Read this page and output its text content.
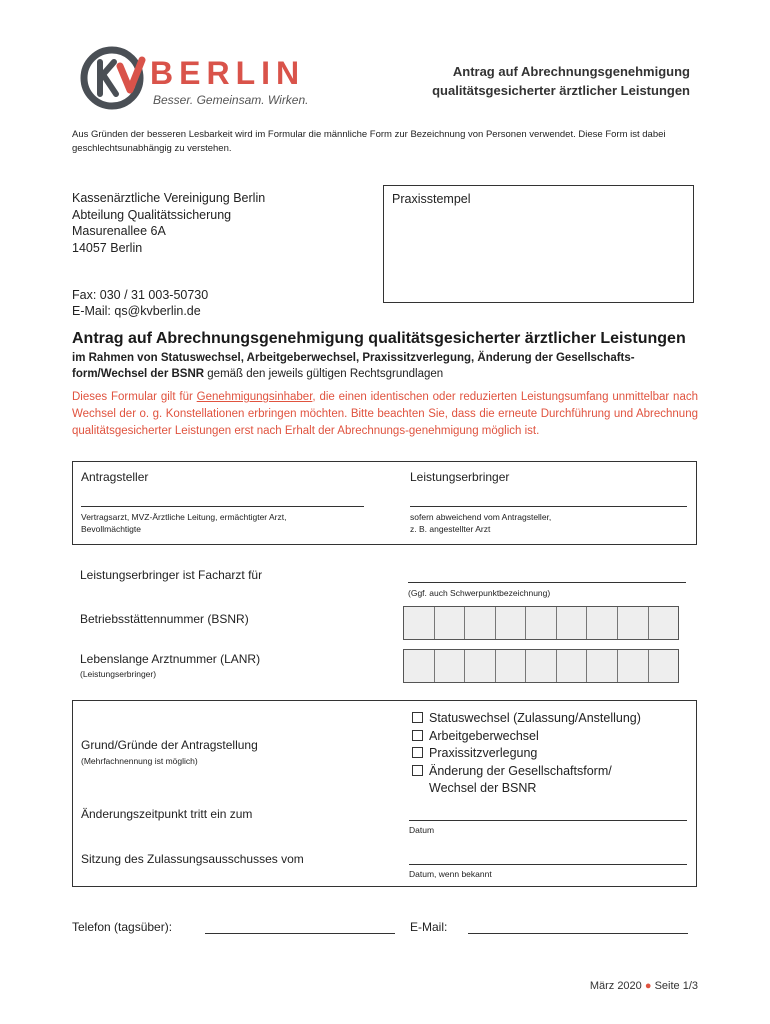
BERLIN
Besser. Gemeinsam. Wirken.
Antrag auf Abrechnungsgenehmigung
qualitätsgesicherter ärztlicher Leistungen
Aus Gründen der besseren Lesbarkeit wird im Formular die männliche Form zur Bezeichnung von Personen verwendet. Diese Form ist dabei geschlechtsunabhängig zu verstehen.
Kassenärztliche Vereinigung Berlin
Abteilung Qualitätssicherung
Masurenallee 6A
14057 Berlin
Fax: 030 / 31 003-50730
E-Mail: qs@kvberlin.de
Praxisstempel
Antrag auf Abrechnungsgenehmigung qualitätsgesicherter ärztlicher Leistungen
im Rahmen von Statuswechsel, Arbeitgeberwechsel, Praxissitzverlegung, Änderung der Gesellschafts-
form/Wechsel der BSNR gemäß den jeweils gültigen Rechtsgrundlagen
Dieses Formular gilt für Genehmigungsinhaber, die einen identischen oder reduzierten Leistungsumfang unmittelbar nach Wechsel der o. g. Konstellationen erbringen möchten. Bitte beachten Sie, dass die erneute Durchführung und Abrechnung qualitätsgesicherter Leistungen erst nach Erhalt der Abrechnungs-genehmigung möglich ist.
Antragsteller
Vertragsarzt, MVZ-Ärztliche Leitung, ermächtigter Arzt,
Bevollmächtigte
Leistungserbringer
sofern abweichend vom Antragsteller,
z. B. angestellter Arzt
Leistungserbringer ist Facharzt für
(Ggf. auch Schwerpunktbezeichnung)
Betriebsstättennummer (BSNR)
Lebenslange Arztnummer (LANR)
(Leistungserbringer)
Grund/Gründe der Antragstellung
(Mehrfachnennung ist möglich)
Statuswechsel (Zulassung/Anstellung)
Arbeitgeberwechsel
Praxissitzverlegung
Änderung der Gesellschaftsform/
Wechsel der BSNR
Änderungszeitpunkt tritt ein zum
Datum
Sitzung des Zulassungsausschusses vom
Datum, wenn bekannt
Telefon (tagsüber):	E-Mail:
März 2020 ● Seite 1/3
